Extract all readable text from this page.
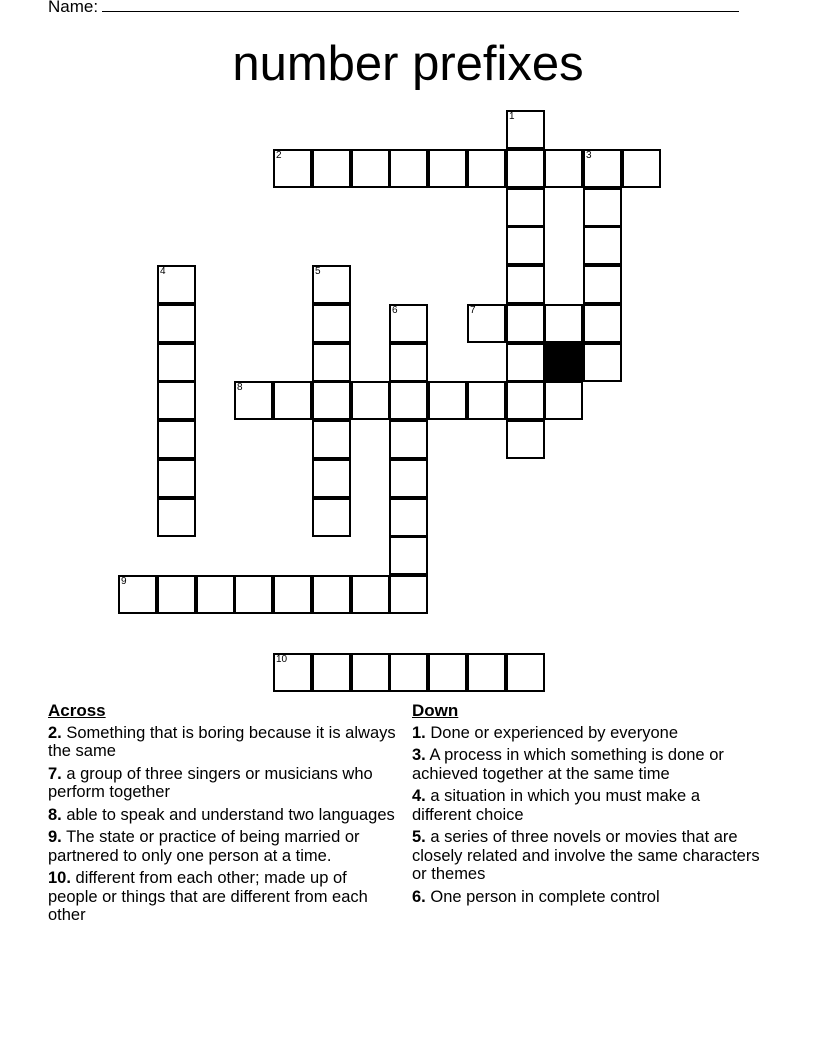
Name:
number prefixes
1
2	3
4	5
6	7
8
9
10
Across
2. Something that is boring because it is always the same
7. a group of three singers or musicians who perform together
8. able to speak and understand two languages
9. The state or practice of being married or partnered to only one person at a time.
10. different from each other; made up of people or things that are different from each other
Down
1. Done or experienced by everyone
3. A process in which something is done or achieved together at the same time
4. a situation in which you must make a different choice
5. a series of three novels or movies that are closely related and involve the same characters or themes
6. One person in complete control
